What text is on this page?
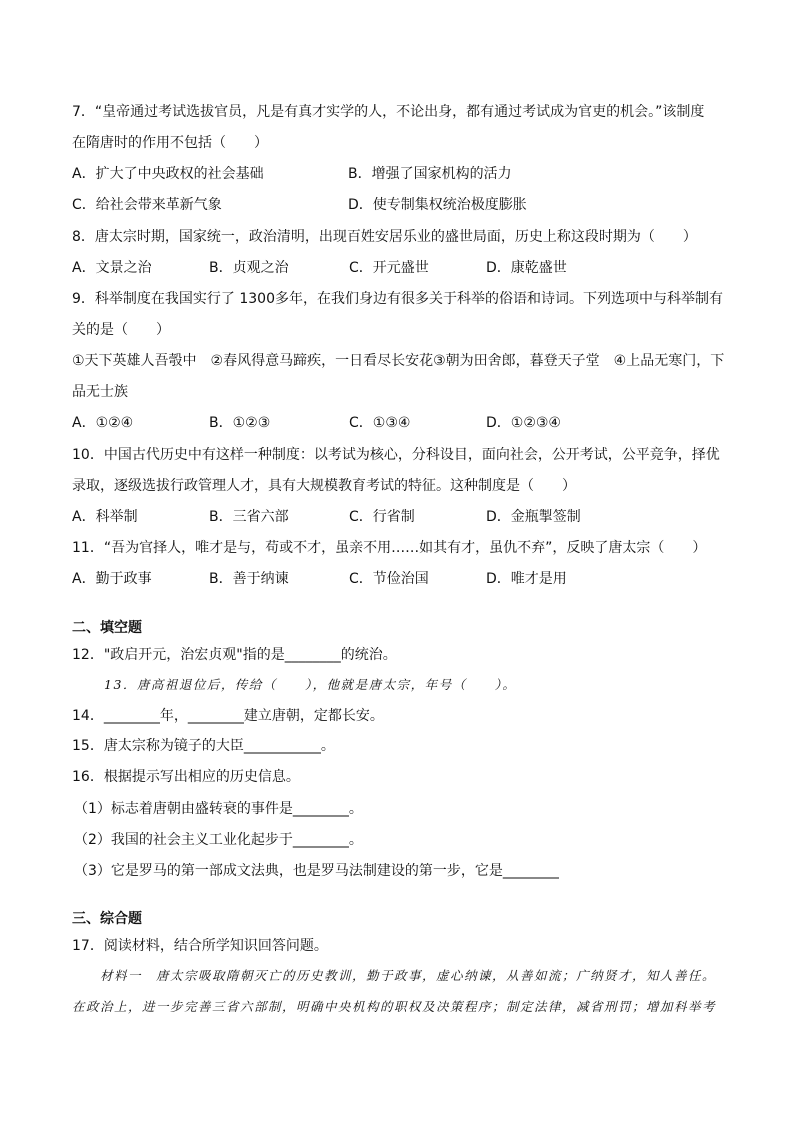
7．“皇帝通过考试选拔官员，凡是有真才实学的人，不论出身，都有通过考试成为官吏的机会。”该制度
在隋唐时的作用不包括（　　）
A．扩大了中央政权的社会基础	B．增强了国家机构的活力
C．给社会带来革新气象	D．使专制集权统治极度膨胀
8．唐太宗时期，国家统一，政治清明，出现百姓安居乐业的盛世局面，历史上称这段时期为（　　）
A．文景之治	B．贞观之治	C．开元盛世	D．康乾盛世
9．科举制度在我国实行了 1300多年，在我们身边有很多关于科举的俗语和诗词。下列选项中与科举制有
关的是（　　）
①天下英雄人吾彀中　②春风得意马蹄疾，一日看尽长安花③朝为田舍郎，暮登天子堂　④上品无寒门，下
品无士族
A．①②④	B．①②③	C．①③④	D．①②③④
10．中国古代历史中有这样一种制度：以考试为核心，分科设目，面向社会，公开考试，公平竞争，择优
录取，逐级选拔行政管理人才，具有大规模教育考试的特征。这种制度是（　　）
A．科举制	B．三省六部	C．行省制	D．金瓶掣签制
11．“吾为官择人，唯才是与，苟或不才，虽亲不用……如其有才，虽仇不弃”，反映了唐太宗（　　）
A．勤于政事	B．善于纳谏	C．节俭治国	D．唯才是用
二、填空题
12．"政启开元，治宏贞观"指的是________的统治。
13．唐高祖退位后，传给（　　），他就是唐太宗，年号（　　）。
14．________年，________建立唐朝，定都长安。
15．唐太宗称为镜子的大臣___________。
16．根据提示写出相应的历史信息。
（1）标志着唐朝由盛转衰的事件是________。
（2）我国的社会主义工业化起步于________。
（3）它是罗马的第一部成文法典，也是罗马法制建设的第一步，它是________
三、综合题
17．阅读材料，结合所学知识回答问题。
材料一　唐太宗吸取隋朝灭亡的历史教训，勤于政事，虚心纳谏，从善如流；广纳贤才，知人善任。
在政治上，进一步完善三省六部制，明确中央机构的职权及决策程序；制定法律，减省刑罚；增加科举考
